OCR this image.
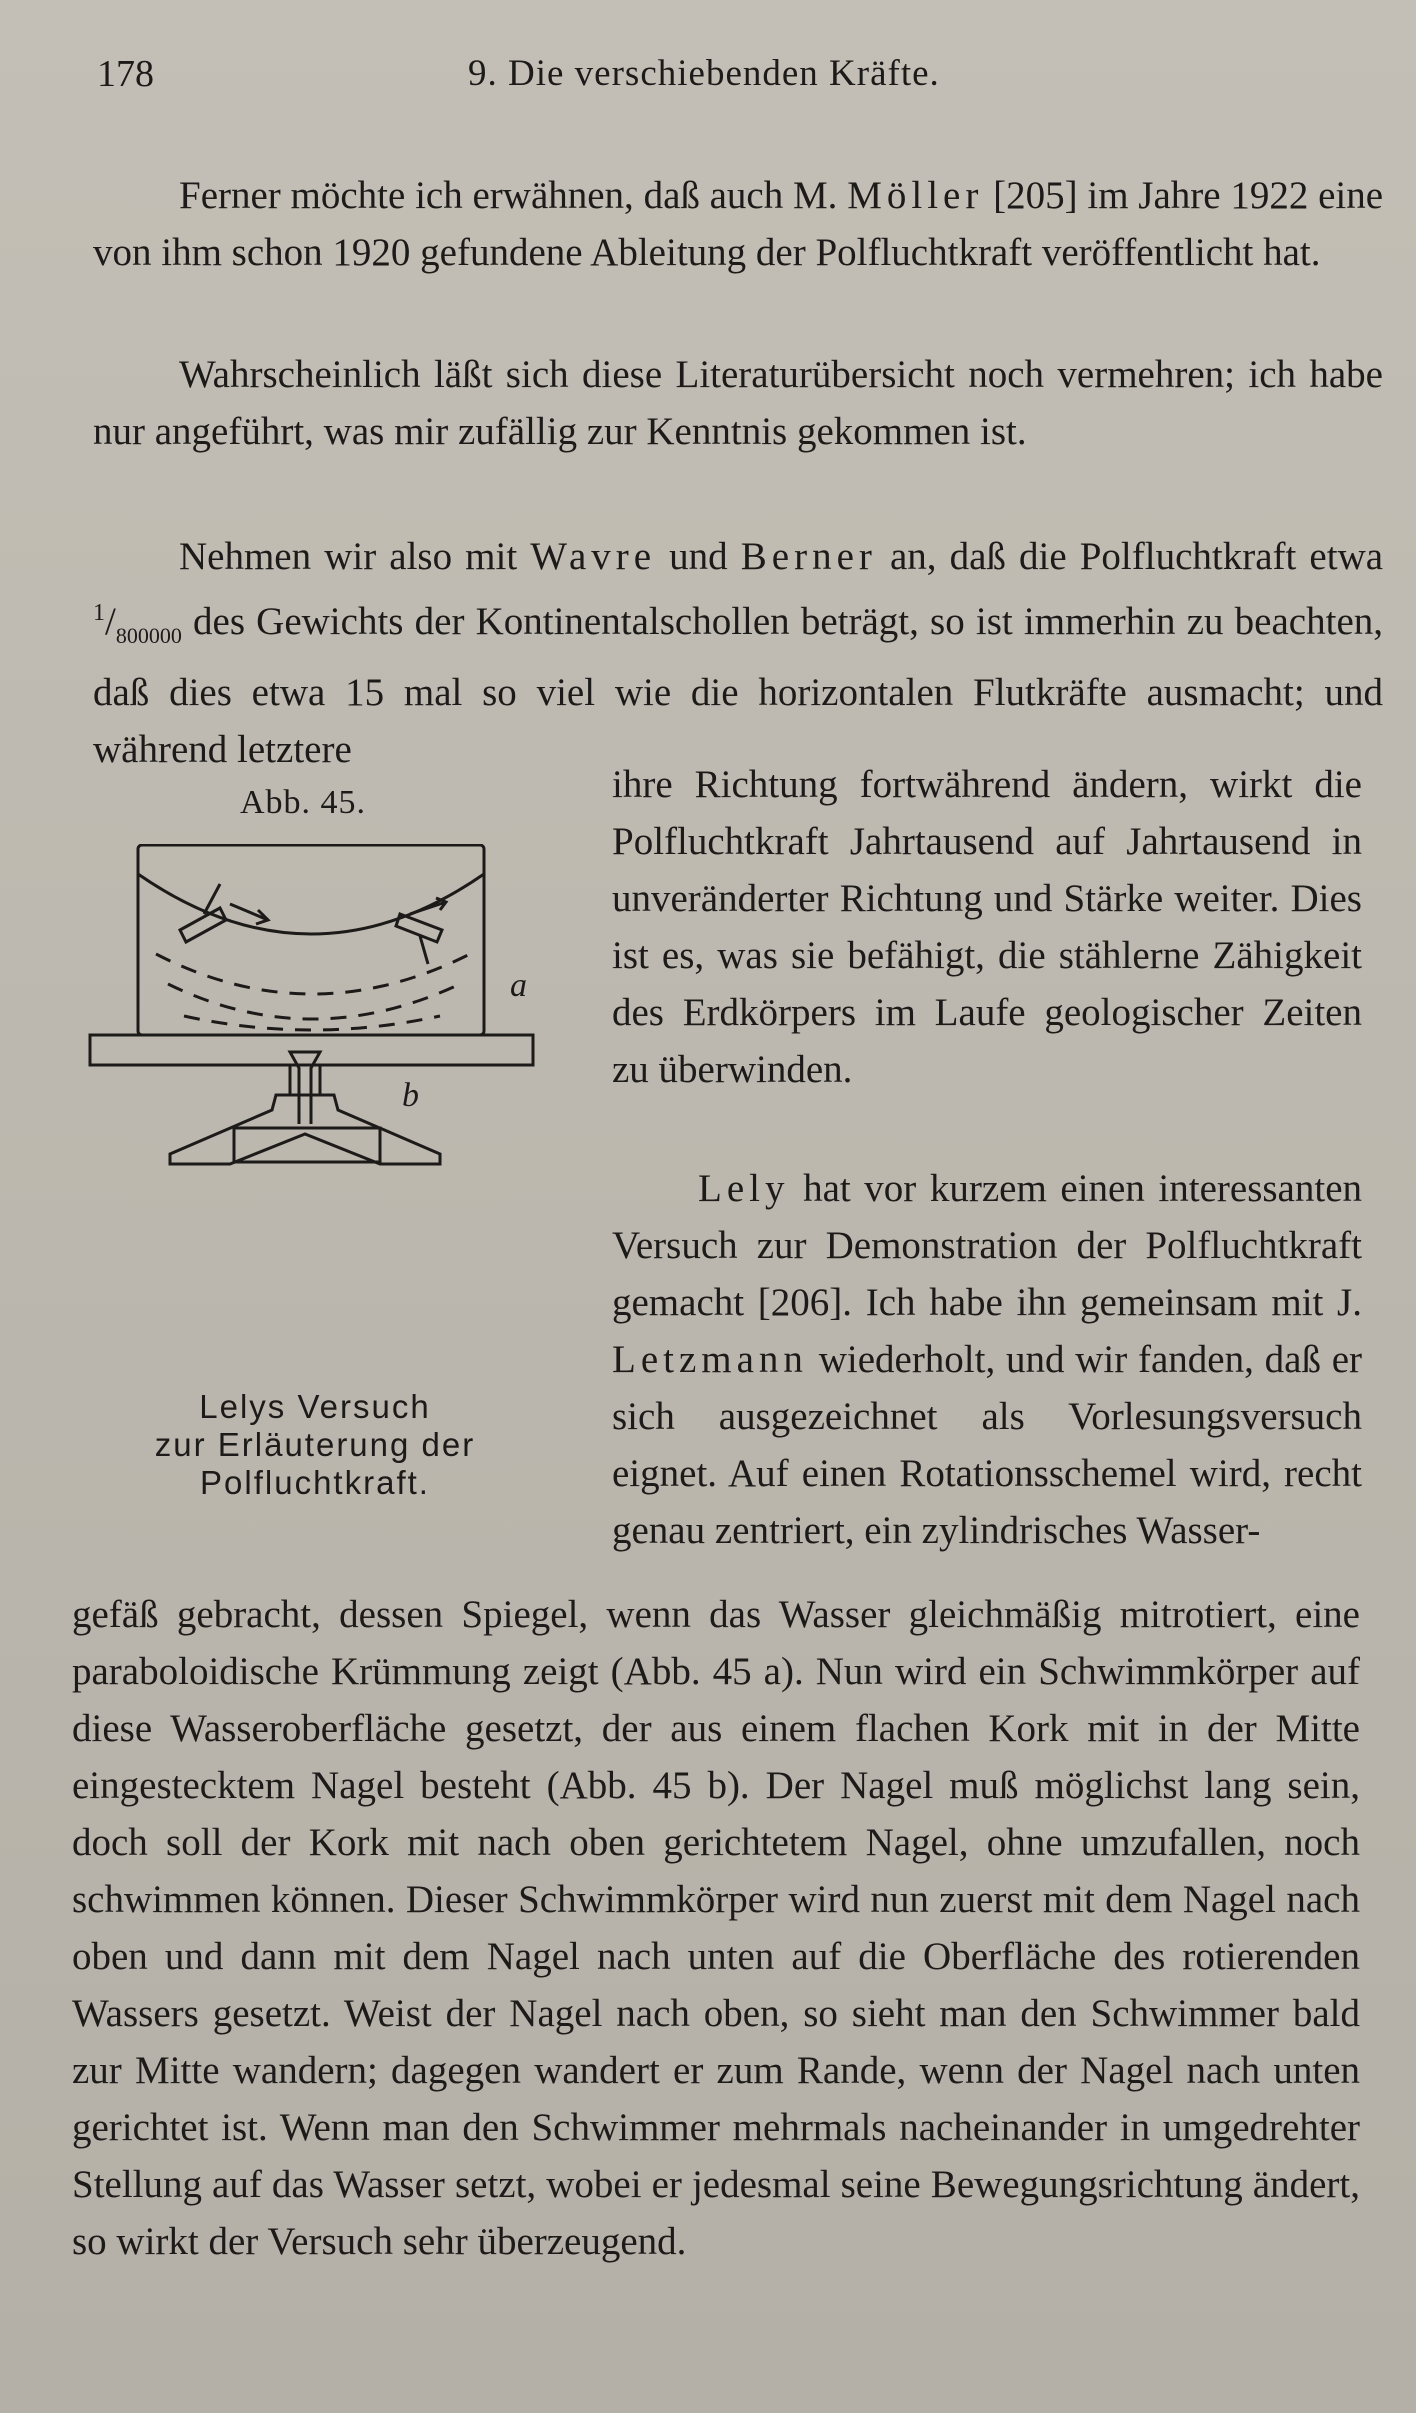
178	9. Die verschiebenden Kräfte.

Ferner möchte ich erwähnen, daß auch M. Möller [205] im Jahre 1922 eine von ihm schon 1920 gefundene Ableitung der Polfluchtkraft veröffentlicht hat.

Wahrscheinlich läßt sich diese Literaturübersicht noch vermehren; ich habe nur angeführt, was mir zufällig zur Kenntnis gekommen ist.

Nehmen wir also mit Wavre und Berner an, daß die Polfluchtkraft etwa $^1/_{800000}$ des Gewichts der Kontinentalschollen beträgt, so ist immerhin zu beachten, daß dies etwa 15 mal so viel wie die horizontalen Flutkräfte ausmacht; und während letztere

ihre Richtung fortwährend ändern, wirkt die Polfluchtkraft Jahrtausend auf Jahrtausend in unveränderter Richtung und Stärke weiter. Dies ist es, was sie befähigt, die stählerne Zähigkeit des Erdkörpers im Laufe geologischer Zeiten zu überwinden.

Lely hat vor kurzem einen interessanten Versuch zur Demonstration der Polfluchtkraft gemacht [206]. Ich habe ihn gemeinsam mit J. Letzmann wiederholt, und wir fanden, daß er sich ausgezeichnet als Vorlesungsversuch eignet. Auf einen Rotationsschemel wird, recht genau zentriert, ein zylindrisches Wasser-

gefäß gebracht, dessen Spiegel, wenn das Wasser gleichmäßig mitrotiert, eine paraboloidische Krümmung zeigt (Abb. 45 a). Nun wird ein Schwimmkörper auf diese Wasseroberfläche gesetzt, der aus einem flachen Kork mit in der Mitte eingestecktem Nagel besteht (Abb. 45 b). Der Nagel muß möglichst lang sein, doch soll der Kork mit nach oben gerichtetem Nagel, ohne umzufallen, noch schwimmen können. Dieser Schwimmkörper wird nun zuerst mit dem Nagel nach oben und dann mit dem Nagel nach unten auf die Oberfläche des rotierenden Wassers gesetzt. Weist der Nagel nach oben, so sieht man den Schwimmer bald zur Mitte wandern; dagegen wandert er zum Rande, wenn der Nagel nach unten gerichtet ist. Wenn man den Schwimmer mehrmals nacheinander in umgedrehter Stellung auf das Wasser setzt, wobei er jedesmal seine Bewegungsrichtung ändert, so wirkt der Versuch sehr überzeugend.

Abb. 45.
a
b
Lelys Versuch
zur Erläuterung der
Polfluchtkraft.
